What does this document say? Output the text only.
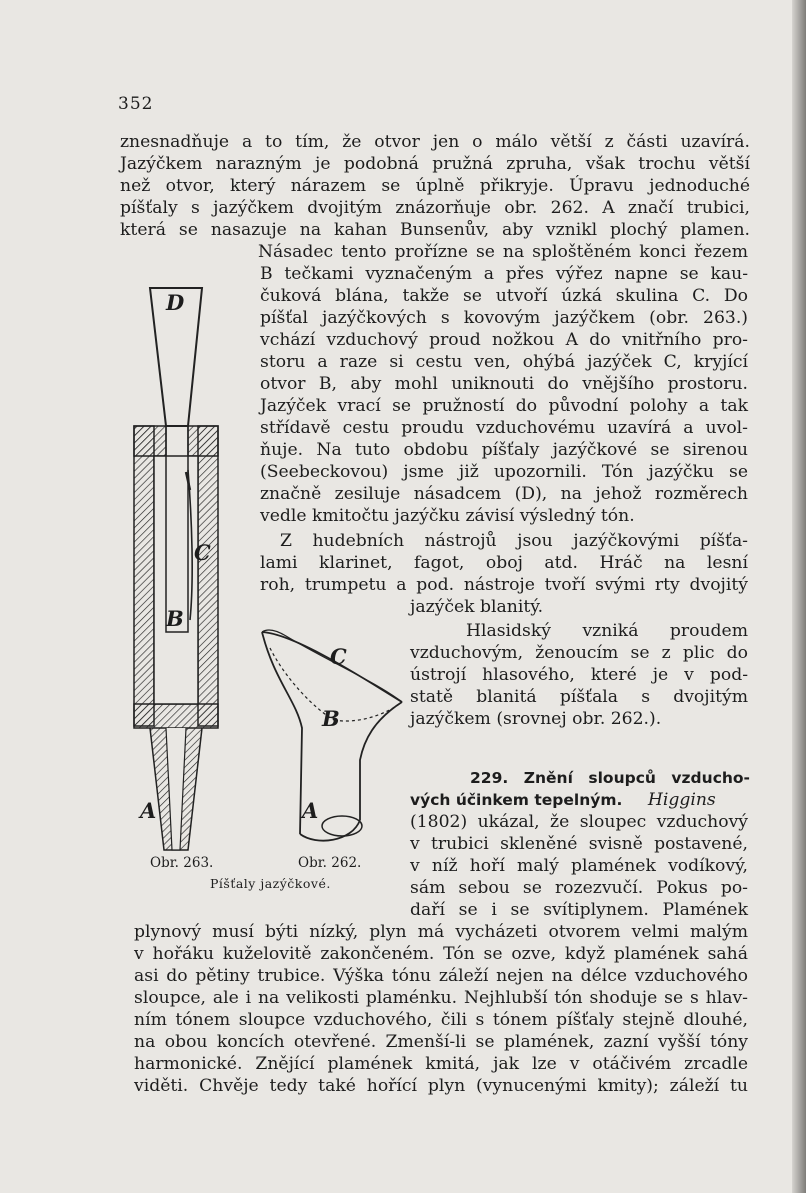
352
znesnadňuje a to tím, že otvor jen o málo větší z části uzavírá.
Jazýčkem narazným je podobná pružná zpruha, však trochu větší
než otvor, který nárazem se úplně přikryje. Úpravu jednoduché
píšťaly s jazýčkem dvojitým znázorňuje obr. 262. A značí trubici,
která se nasazuje na kahan Bunsenův, aby vznikl plochý plamen.
Násadec tento proříznе se na sploštěném konci řezem
B tečkami vyznačeným a přes výřez napne se kau-
čuková blána, takže se utvoří úzká skulina C. Do
píšťal jazýčkových s kovovým jazýčkem (obr. 263.)
vchází vzduchový proud nožkou A do vnitřního pro-
storu a raze si cestu ven, ohýbá jazýček C, kryjící
otvor B, aby mohl uniknouti do vnějšího prostoru.
Jazýček vrací se pružností do původní polohy a tak
střídavě cestu proudu vzduchovému uzavírá a uvol-
ňuje. Na tuto obdobu píšťaly jazýčkové se sirenou
(Seebeckovou) jsme již upozornili. Tón jazýčku se
značně zesiluje násadcem (D), na jehož rozměrech
vedle kmitočtu jazýčku závisí výsledný tón.
Z hudebních nástrojů jsou jazýčkovými píšťa-
lami klarinet, fagot, oboj atd. Hráč na lesní
roh, trumpetu a pod. nástroje tvoří svými rty dvojitý
jazýček blanitý.
Hlasidský vzniká proudem
vzduchovým, ženoucím se z plic do
ústrojí hlasového, které je v pod-
statě blanitá píšťala s dvojitým
jazýčkem (srovnej obr. 262.).
229. Znění sloupců vzducho-
vých účinkem tepelným. Higgins
(1802) ukázal, že sloupec vzduchový
v trubici skleněné svisně postavené,
v níž hoří malý plamének vodíkový,
sám sebou se rozezvučí. Pokus po-
daří se i se svítiplynem. Plamének
plynový musí býti nízký, plyn má vycházeti otvorem velmi malým
v hořáku kuželovitě zakončeném. Tón se ozve, když plamének sahá
asi do pětiny trubice. Výška tónu záleží nejen na délce vzduchového
sloupce, ale i na velikosti plaménku. Nejhlubší tón shoduje se s hlav-
ním tónem sloupce vzduchového, čili s tónem píšťaly stejně dlouhé,
na obou koncích otevřené. Zmenší-li se plamének, zazní vyšší tóny
harmonické. Znějící plamének kmitá, jak lze v otáčivém zrcadle
viděti. Chvěje tedy také hořící plyn (vynucenými kmity); záleží tu
D
C
B
A
C
B
A
Obr. 263.	Obr. 262.
Píšťaly jazýčkové.
